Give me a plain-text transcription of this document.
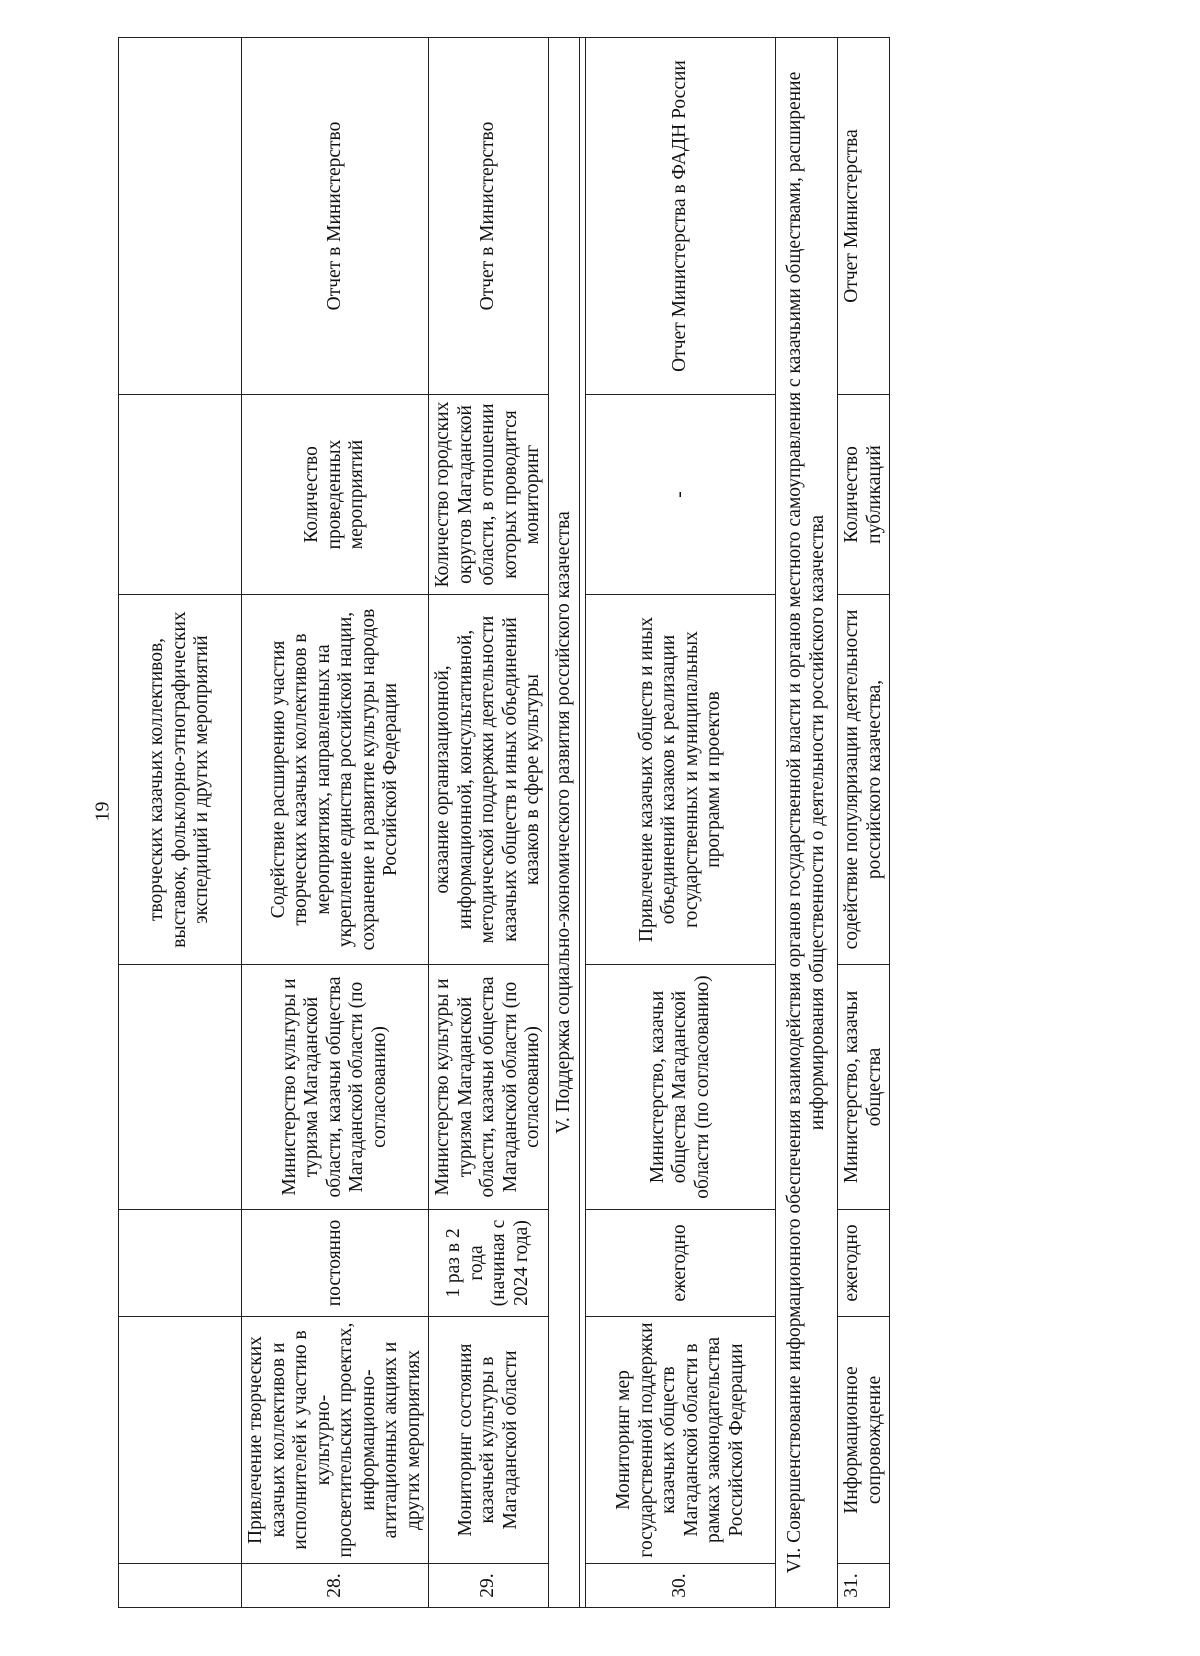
19
				творческих казачьих коллективов, выставок, фольклорно-этнографических экспедиций и других мероприятий		
28.	Привлечение творческих казачьих коллективов и исполнителей к участию в культурно-просветительских проектах, информационно-агитационных акциях и других мероприятиях	постоянно	Министерство культуры и туризма Магаданской области, казачьи общества Магаданской области (по согласованию)	Содействие расширению участия творческих казачьих коллективов в мероприятиях, направленных на укрепление единства российской нации, сохранение и развитие культуры народов Российской Федерации	Количество проведенных мероприятий	Отчет в Министерство
29.	Мониторинг состояния казачьей культуры в Магаданской области	1 раз в 2 года (начиная с 2024 года)	Министерство культуры и туризма Магаданской области, казачьи общества Магаданской области (по согласованию)	оказание организационной, информационной, консультативной, методической поддержки деятельности казачьих обществ и иных объединений казаков в сфере культуры	Количество городских округов Магаданской области, в отношении которых проводится мониторинг	Отчет в Министерство
V. Поддержка социально-экономического развития российского казачества						

30.	Мониторинг мер государственной поддержки казачьих обществ Магаданской области в рамках законодательства Российской Федерации	ежегодно	Министерство, казачьи общества Магаданской области (по согласованию)	Привлечение казачьих обществ и иных объединений казаков к реализации государственных и муниципальных программ и проектов	-	Отчет Министерства в ФАДН России
VI. Совершенствование информационного обеспечения взаимодействия органов государственной власти и органов местного самоуправления с казачьими обществами, расширение информирования общественности о деятельности российского казачества						
31.	Информационное сопровождение	ежегодно	Министерство, казачьи общества	содействие популяризации деятельности российского казачества,	Количество публикаций	Отчет Министерства
